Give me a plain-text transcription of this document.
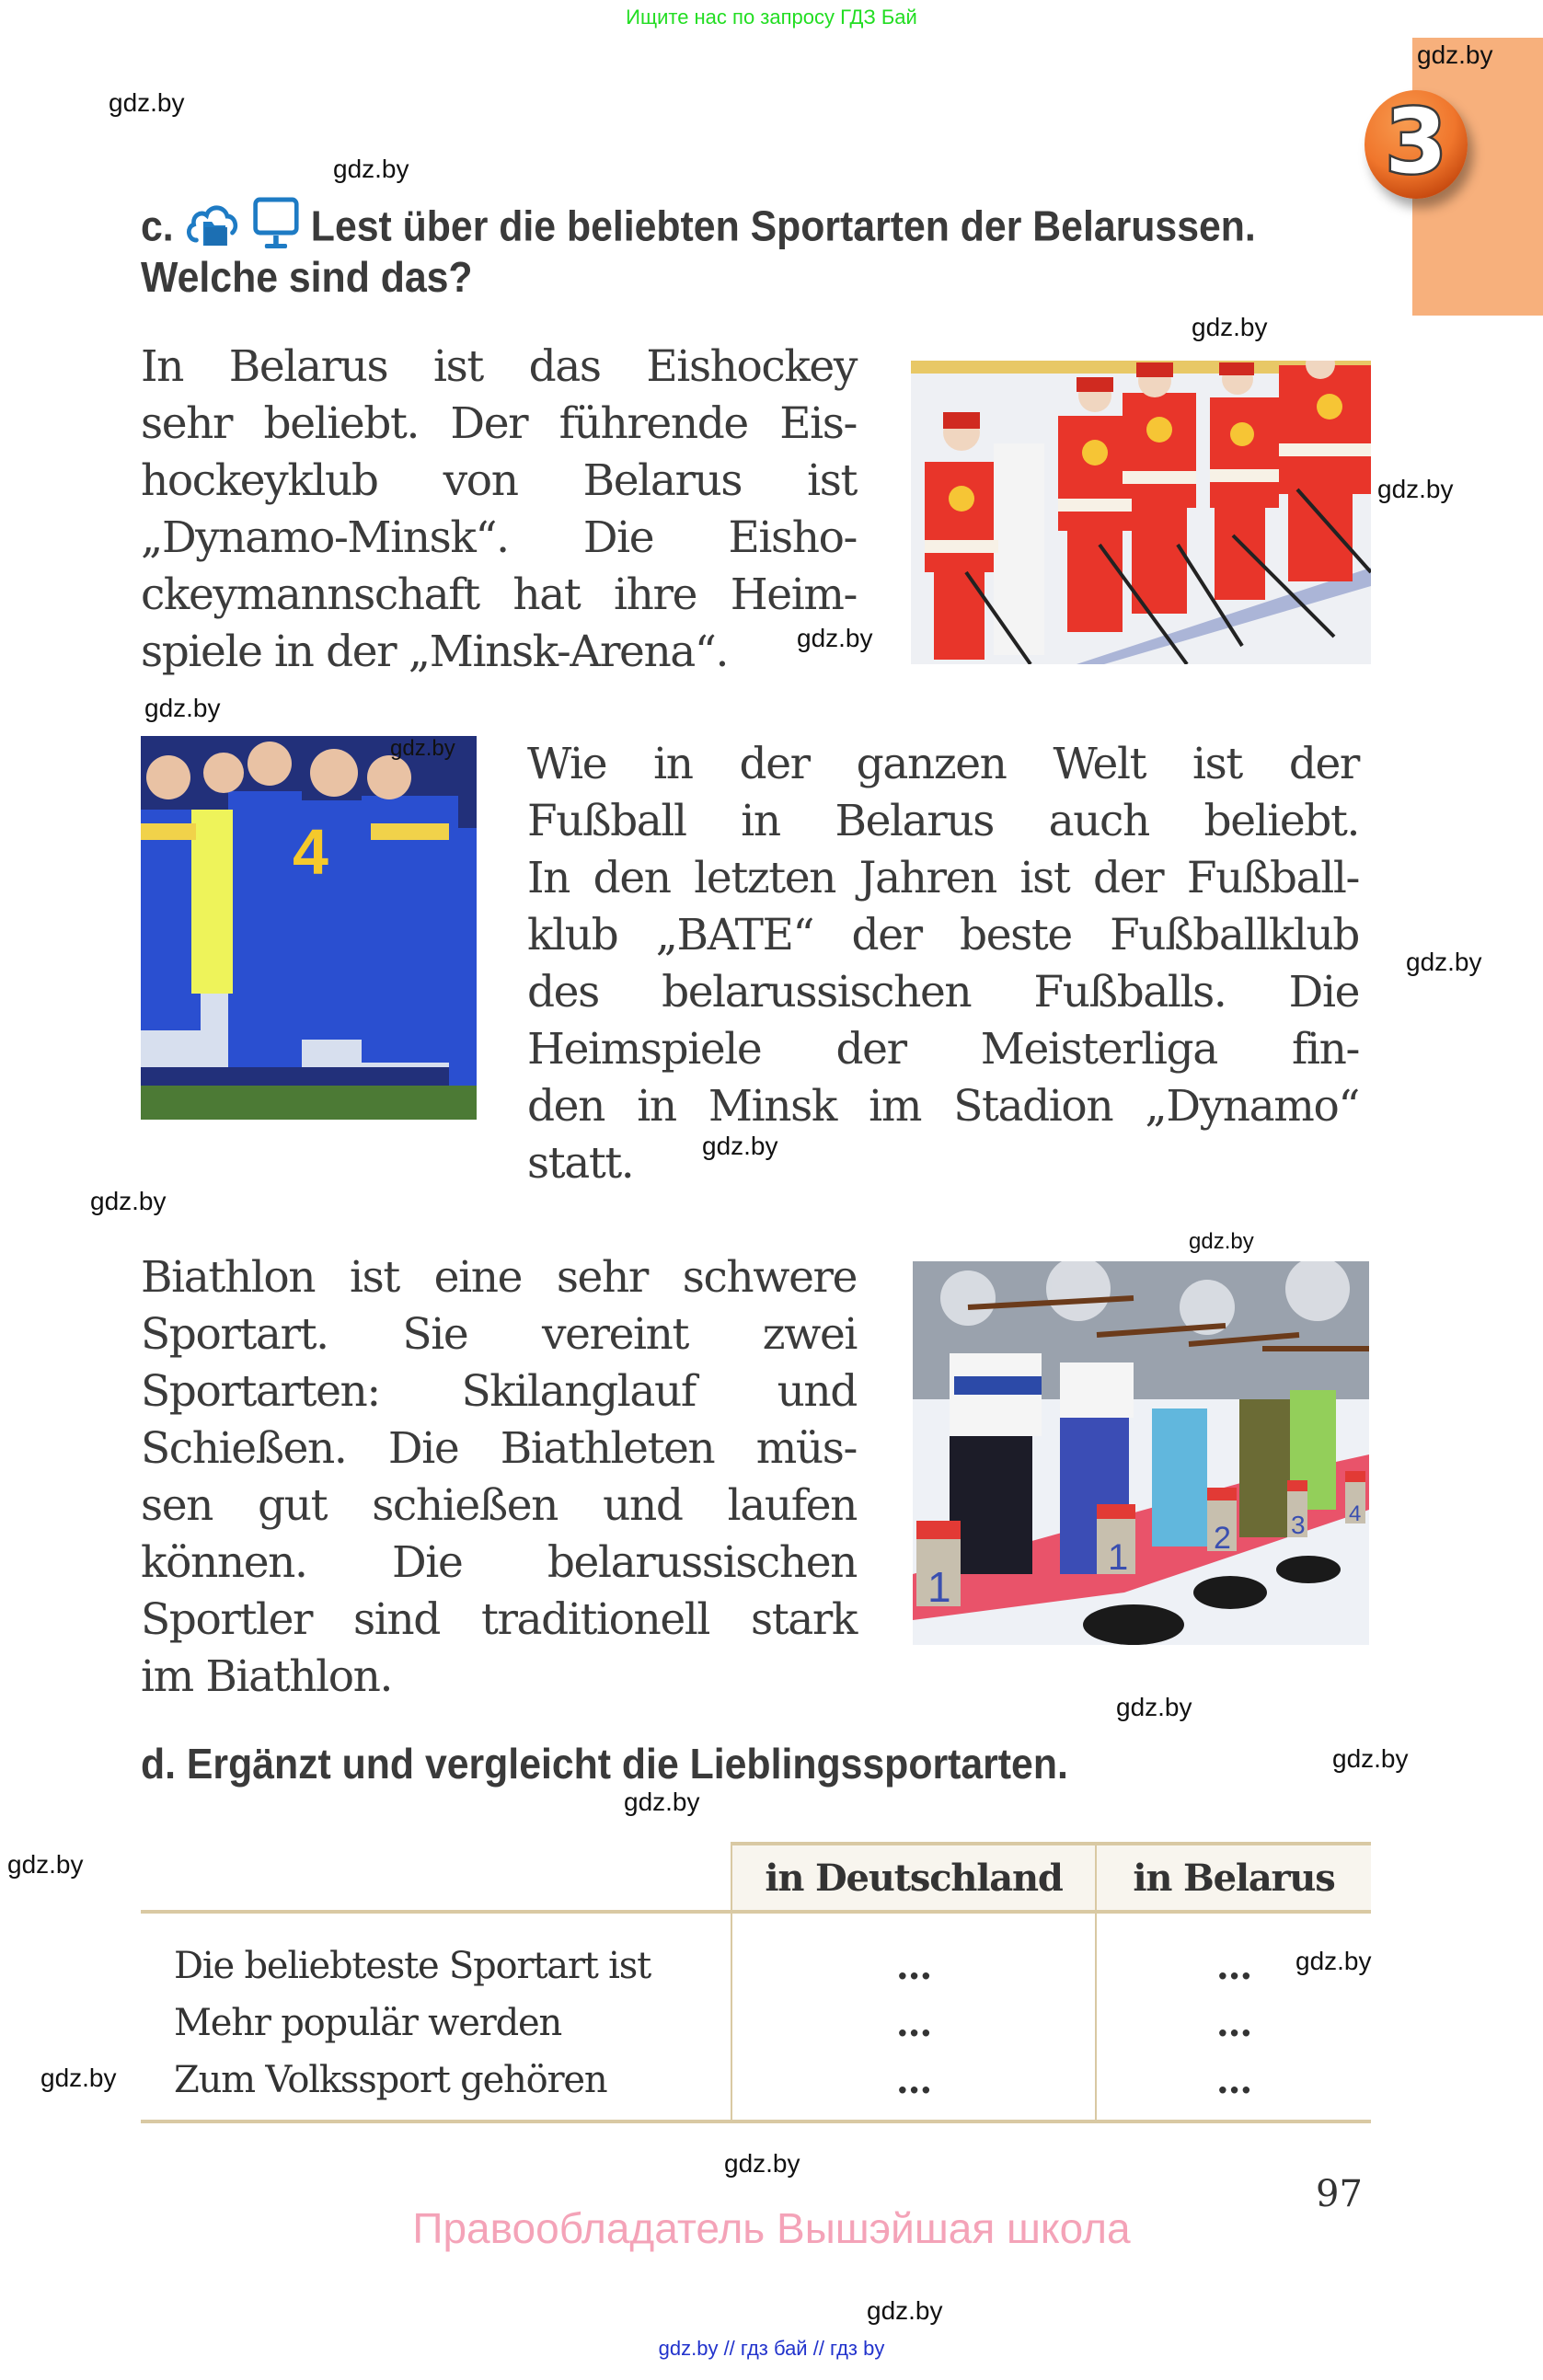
Ищите нас по запросу ГДЗ Бай
3
gdz.by
gdz.by
gdz.by
gdz.by
gdz.by
gdz.by
gdz.by
gdz.by
gdz.by
gdz.by
gdz.by
gdz.by
gdz.by
gdz.by
gdz.by
gdz.by
gdz.by
gdz.by
gdz.by
gdz.by
c.	Lest über die beliebten Sportarten der Belarussen.
Welche sind das?
In Belarus ist das Eishockey
sehr beliebt. Der führende Eis-
hockeyklub von Belarus ist
„Dynamo-Minsk“. Die Eisho-
ckeymannschaft hat ihre Heim-
spiele in der „Minsk-Arena“.
4
Wie in der ganzen Welt ist der
Fußball in Belarus auch beliebt.
In den letzten Jahren ist der Fußball-
klub „BATE“ der beste Fußballklub
des belarussischen Fußballs. Die
Heimspiele der Meisterliga fin-
den in Minsk im Stadion „Dynamo“
statt.
Biathlon ist eine sehr schwere
Sportart. Sie vereint zwei
Sportarten: Skilanglauf und
Schießen. Die Biathleten müs-
sen gut schießen und laufen
können. Die belarussischen
Sportler sind traditionell stark
im Biathlon.
1
1	2 3 4
d. Ergänzt und vergleicht die Lieblingssportarten.
	in Deutschland	in Belarus
Die beliebteste Sportart ist	...	...
Mehr populär werden	...	...
Zum Volkssport gehören	...	...
97
Правообладатель Вышэйшая школа
gdz.by // гдз бай // гдз by
